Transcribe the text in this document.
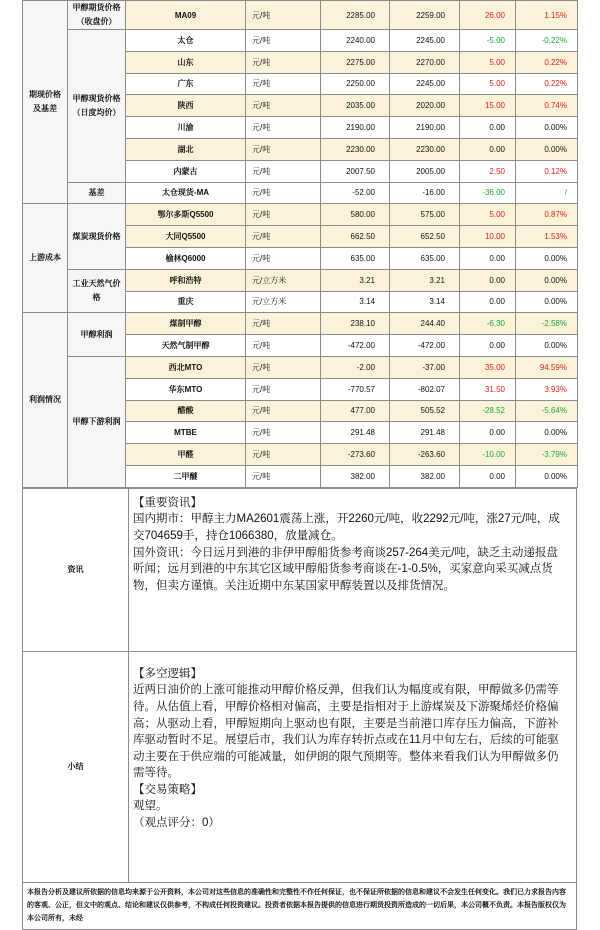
期现价格及基差	甲醇期货价格（收盘价）	MA09	元/吨	2285.00	2259.00	26.00	1.15%
	甲醇现货价格（日度均价）	太仓	元/吨	2240.00	2245.00	-5.00	-0.22%
		山东	元/吨	2275.00	2270.00	5.00	0.22%
		广东	元/吨	2250.00	2245.00	5.00	0.22%
		陕西	元/吨	2035.00	2020.00	15.00	0.74%
		川渝	元/吨	2190.00	2190.00	0.00	0.00%
		湖北	元/吨	2230.00	2230.00	0.00	0.00%
		内蒙古	元/吨	2007.50	2005.00	2.50	0.12%
	基差	太仓现货-MA	元/吨	-52.00	-16.00	-36.00	/
上游成本	煤炭现货价格	鄂尔多斯Q5500	元/吨	580.00	575.00	5.00	0.87%
		大同Q5500	元/吨	662.50	652.50	10.00	1.53%
		榆林Q6000	元/吨	635.00	635.00	0.00	0.00%
	工业天然气价格	呼和浩特	元/立方米	3.21	3.21	0.00	0.00%
		重庆	元/立方米	3.14	3.14	0.00	0.00%
利润情况	甲醇利润	煤制甲醇	元/吨	238.10	244.40	-6.30	-2.58%
		天然气制甲醇	元/吨	-472.00	-472.00	0.00	0.00%
	甲醇下游利润	西北MTO	元/吨	-2.00	-37.00	35.00	94.59%
		华东MTO	元/吨	-770.57	-802.07	31.50	3.93%
		醋酸	元/吨	477.00	505.52	-28.52	-5.64%
		MTBE	元/吨	291.48	291.48	0.00	0.00%
		甲醛	元/吨	-273.60	-263.60	-10.00	-3.79%
		二甲醚	元/吨	382.00	382.00	0.00	0.00%
资讯	【重要资讯】

国内期市：甲醇主力MA2601震荡上涨，开2260元/吨，收2292元/吨，涨27元/吨，成交704659手，持仓1066380，放量减仓。

国外资讯：今日远月到港的非伊甲醇船货参考商谈257-264美元/吨，缺乏主动递报盘听闻；远月到港的中东其它区域甲醇船货参考商谈在-1-0.5%，买家意向采买减点货物，但卖方谨慎。关注近期中东某国家甲醇装置以及排货情况。

小结	【多空逻辑】

近两日油价的上涨可能推动甲醇价格反弹，但我们认为幅度或有限，甲醇做多仍需等待。从估值上看，甲醇价格相对偏高，主要是指相对于上游煤炭及下游聚烯烃价格偏高；从驱动上看，甲醇短期向上驱动也有限，主要是当前港口库存压力偏高，下游补库驱动暂时不足。展望后市，我们认为库存转折点或在11月中旬左右，后续的可能驱动主要在于供应端的可能减量，如伊朗的限气预期等。整体来看我们认为甲醇做多仍需等待。

【交易策略】

观望。

（观点评分：0）

本报告分析及建议所依据的信息均来源于公开资料，本公司对这些信息的准确性和完整性不作任何保证，也不保证所依据的信息和建议不会发生任何变化。我们已力求报告内容的客观、公正，但文中的观点、结论和建议仅供参考，不构成任何投资建议。投资者依据本报告提供的信息进行期货投资所造成的一切后果，本公司概不负责。本报告版权仅为本公司所有，未经	
